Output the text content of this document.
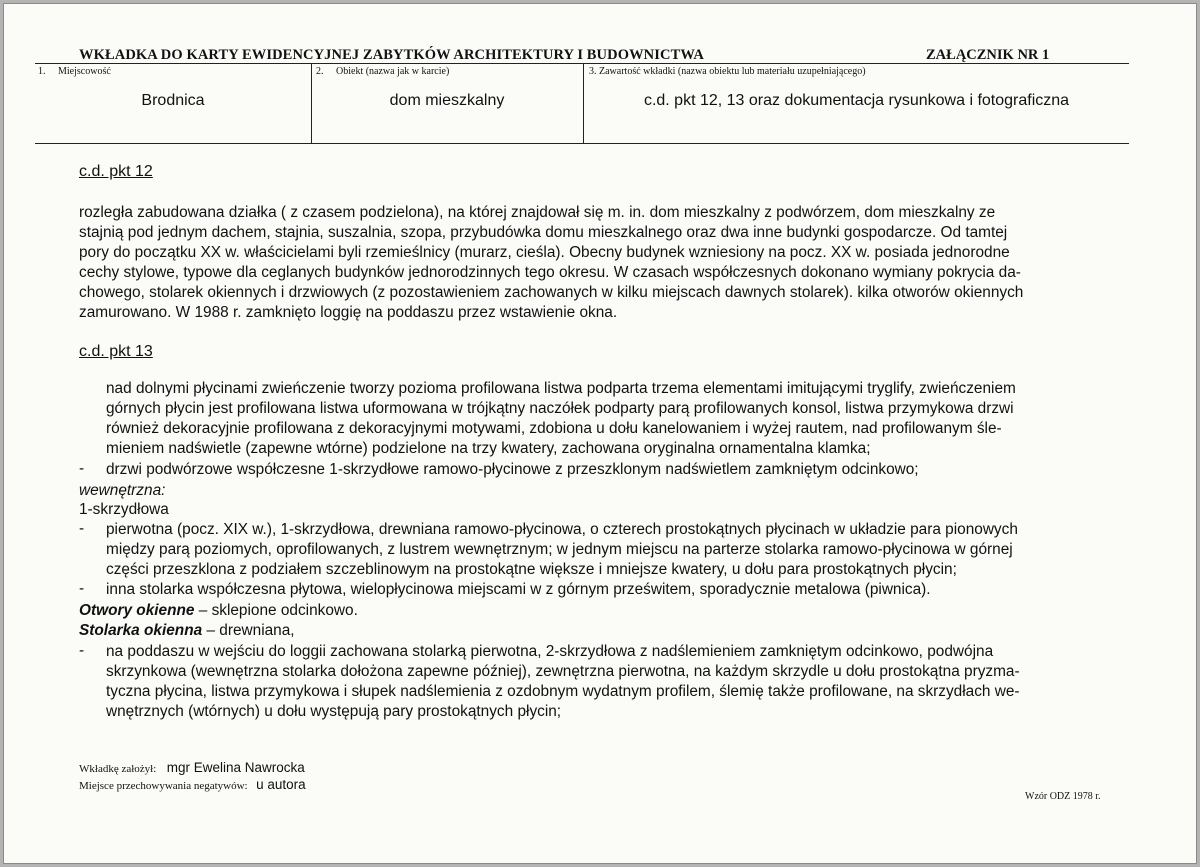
WKŁADKA DO KARTY EWIDENCYJNEJ ZABYTKÓW ARCHITEKTURY I BUDOWNICTWA	ZAŁĄCZNIK NR 1
1.     Miejscowość
Brodnica
2.     Obiekt (nazwa jak w karcie)
dom mieszkalny
3. Zawartość wkładki (nazwa obiektu lub materiału uzupełniającego)
c.d. pkt 12, 13 oraz dokumentacja rysunkowa i fotograficzna
c.d. pkt 12
rozległa zabudowana działka ( z czasem podzielona), na której znajdował się m. in. dom mieszkalny z podwórzem, dom mieszkalny ze
stajnią pod jednym dachem, stajnia, suszalnia, szopa, przybudówka domu mieszkalnego oraz dwa inne budynki gospodarcze. Od tamtej
pory do początku XX w. właścicielami byli rzemieślnicy (murarz, cieśla). Obecny budynek wzniesiony na pocz. XX w. posiada jednorodne
cechy stylowe, typowe dla ceglanych budynków jednorodzinnych tego okresu. W czasach współczesnych dokonano wymiany pokrycia da-
chowego, stolarek okiennych i drzwiowych (z pozostawieniem zachowanych w kilku miejscach dawnych stolarek). kilka otworów okiennych
zamurowano. W 1988 r. zamknięto loggię na poddaszu przez wstawienie okna.
c.d. pkt 13
nad dolnymi płycinami zwieńczenie tworzy pozioma profilowana listwa podparta trzema elementami imitującymi tryglify, zwieńczeniem
górnych płycin jest profilowana listwa uformowana w trójkątny naczółek podparty parą profilowanych konsol, listwa przymykowa drzwi
również dekoracyjnie profilowana z dekoracyjnymi motywami, zdobiona u dołu kanelowaniem i wyżej rautem, nad profilowanym śle-
mieniem nadświetle (zapewne wtórne) podzielone na trzy kwatery, zachowana oryginalna ornamentalna klamka;
- drzwi podwórzowe współczesne 1-skrzydłowe ramowo-płycinowe z przeszklonym nadświetlem zamkniętym odcinkowo;
wewnętrzna:
1-skrzydłowa
- pierwotna (pocz. XIX w.), 1-skrzydłowa, drewniana ramowo-płycinowa, o czterech prostokątnych płycinach w układzie para pionowych
między parą poziomych, oprofilowanych, z lustrem wewnętrznym; w jednym miejscu na parterze stolarka ramowo-płycinowa w górnej
części przeszklona z podziałem szczeblinowym na prostokątne większe i mniejsze kwatery, u dołu para prostokątnych płycin;
- inna stolarka współczesna płytowa, wielopłycinowa miejscami w z górnym prześwitem, sporadycznie metalowa (piwnica).
Otwory okienne – sklepione odcinkowo.
Stolarka okienna – drewniana,
- na poddaszu w wejściu do loggii zachowana stolarką pierwotna, 2-skrzydłowa z nadślemieniem zamkniętym odcinkowo, podwójna
skrzynkowa (wewnętrzna stolarka dołożona zapewne później), zewnętrzna pierwotna, na każdym skrzydle u dołu prostokątna pryzma-
tyczna płycina, listwa przymykowa i słupek nadślemienia z ozdobnym wydatnym profilem, ślemię także profilowane, na skrzydłach we-
wnętrznych (wtórnych) u dołu występują pary prostokątnych płycin;
Wkładkę założył: mgr Ewelina Nawrocka
Miejsce przechowywania negatywów: u autora
Wzór ODZ 1978 r.
